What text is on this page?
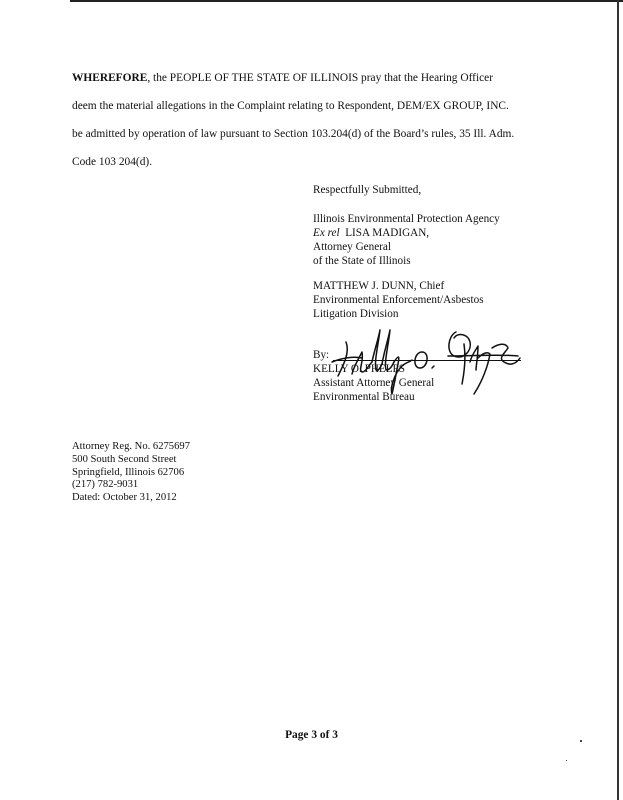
WHEREFORE, the PEOPLE OF THE STATE OF ILLINOIS pray that the Hearing Officer
deem the material allegations in the Complaint relating to Respondent, DEM/EX GROUP, INC.
be admitted by operation of law pursuant to Section 103.204(d) of the Board’s rules, 35 Ill. Adm.
Code 103 204(d).
Respectfully Submitted,
Illinois Environmental Protection Agency
Ex rel LISA MADIGAN,
Attorney General
of the State of Illinois
MATTHEW J. DUNN, Chief
Environmental Enforcement/Asbestos
Litigation Division
By:
KELLY O. PHELPS
Assistant Attorney General
Environmental Bureau
Attorney Reg. No. 6275697
500 South Second Street
Springfield, Illinois 62706
(217) 782-9031
Dated: October 31, 2012
Page 3 of 3
